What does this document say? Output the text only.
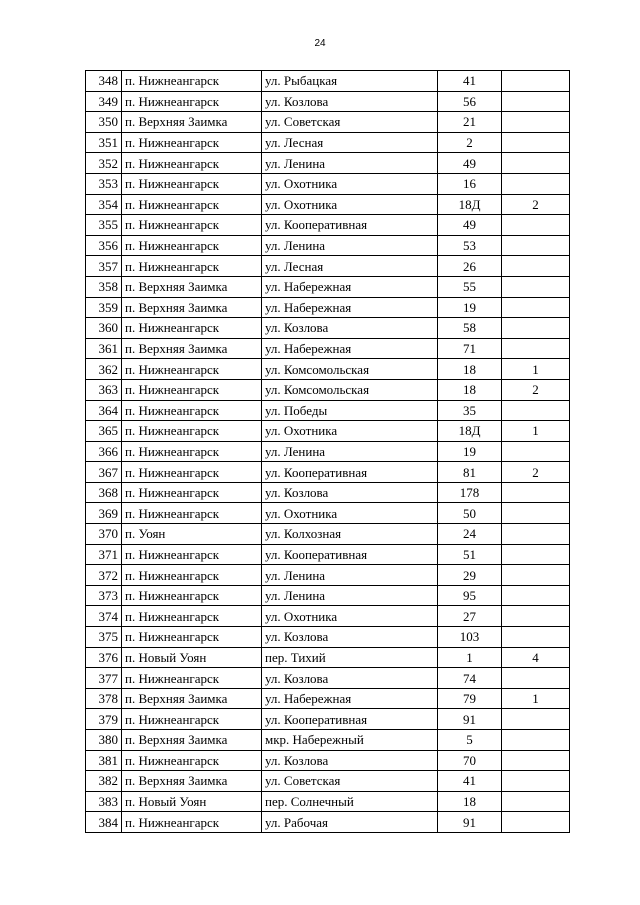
24
348	п. Нижнеангарск	ул. Рыбацкая	41	
349	п. Нижнеангарск	ул. Козлова	56	
350	п. Верхняя Заимка	ул. Советская	21	
351	п. Нижнеангарск	ул. Лесная	2	
352	п. Нижнеангарск	ул. Ленина	49	
353	п. Нижнеангарск	ул. Охотника	16	
354	п. Нижнеангарск	ул. Охотника	18Д	2
355	п. Нижнеангарск	ул. Кооперативная	49	
356	п. Нижнеангарск	ул. Ленина	53	
357	п. Нижнеангарск	ул. Лесная	26	
358	п. Верхняя Заимка	ул. Набережная	55	
359	п. Верхняя Заимка	ул. Набережная	19	
360	п. Нижнеангарск	ул. Козлова	58	
361	п. Верхняя Заимка	ул. Набережная	71	
362	п. Нижнеангарск	ул. Комсомольская	18	1
363	п. Нижнеангарск	ул. Комсомольская	18	2
364	п. Нижнеангарск	ул. Победы	35	
365	п. Нижнеангарск	ул. Охотника	18Д	1
366	п. Нижнеангарск	ул. Ленина	19	
367	п. Нижнеангарск	ул. Кооперативная	81	2
368	п. Нижнеангарск	ул. Козлова	178	
369	п. Нижнеангарск	ул. Охотника	50	
370	п. Уоян	ул. Колхозная	24	
371	п. Нижнеангарск	ул. Кооперативная	51	
372	п. Нижнеангарск	ул. Ленина	29	
373	п. Нижнеангарск	ул. Ленина	95	
374	п. Нижнеангарск	ул. Охотника	27	
375	п. Нижнеангарск	ул. Козлова	103	
376	п. Новый Уоян	пер. Тихий	1	4
377	п. Нижнеангарск	ул. Козлова	74	
378	п. Верхняя Заимка	ул. Набережная	79	1
379	п. Нижнеангарск	ул. Кооперативная	91	
380	п. Верхняя Заимка	мкр. Набережный	5	
381	п. Нижнеангарск	ул. Козлова	70	
382	п. Верхняя Заимка	ул. Советская	41	
383	п. Новый Уоян	пер. Солнечный	18	
384	п. Нижнеангарск	ул. Рабочая	91	
